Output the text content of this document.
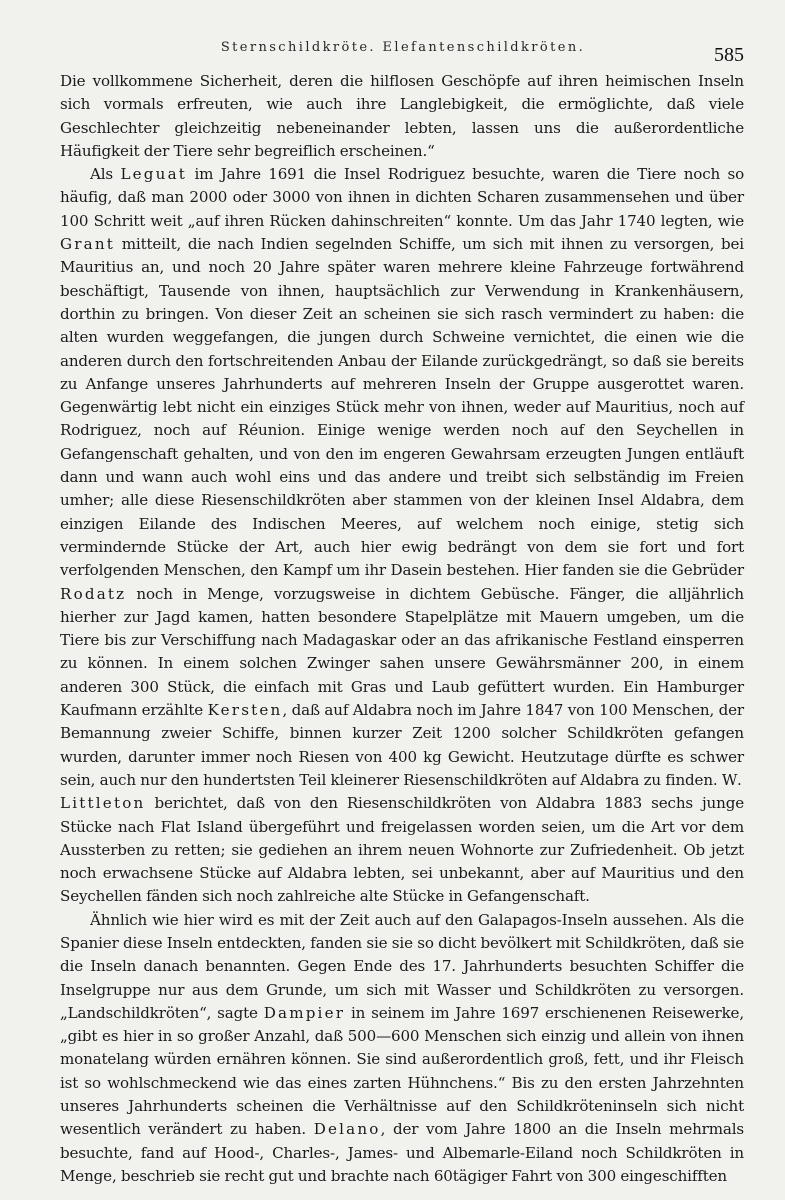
Sternschildkröte. Elefantenschildkröten.	585

Die vollkommene Sicherheit, deren die hilflosen Geschöpfe auf ihren heimischen Inseln sich vormals erfreuten, wie auch ihre Langlebigkeit, die ermöglichte, daß viele Geschlechter gleichzeitig nebeneinander lebten, lassen uns die außerordentliche Häufigkeit der Tiere sehr begreiflich erscheinen.“

Als Leguat im Jahre 1691 die Insel Rodriguez besuchte, waren die Tiere noch so häufig, daß man 2000 oder 3000 von ihnen in dichten Scharen zusammensehen und über 100 Schritt weit „auf ihren Rücken dahinschreiten“ konnte. Um das Jahr 1740 legten, wie Grant mitteilt, die nach Indien segelnden Schiffe, um sich mit ihnen zu versorgen, bei Mauritius an, und noch 20 Jahre später waren mehrere kleine Fahrzeuge fortwährend beschäftigt, Tausende von ihnen, hauptsächlich zur Verwendung in Krankenhäusern, dorthin zu bringen. Von dieser Zeit an scheinen sie sich rasch vermindert zu haben: die alten wurden weggefangen, die jungen durch Schweine vernichtet, die einen wie die anderen durch den fortschreitenden Anbau der Eilande zurückgedrängt, so daß sie bereits zu Anfange unseres Jahrhunderts auf mehreren Inseln der Gruppe ausgerottet waren. Gegenwärtig lebt nicht ein einziges Stück mehr von ihnen, weder auf Mauritius, noch auf Rodriguez, noch auf Réunion. Einige wenige werden noch auf den Seychellen in Gefangenschaft gehalten, und von den im engeren Gewahrsam erzeugten Jungen entläuft dann und wann auch wohl eins und das andere und treibt sich selbständig im Freien umher; alle diese Riesenschildkröten aber stammen von der kleinen Insel Aldabra, dem einzigen Eilande des Indischen Meeres, auf welchem noch einige, stetig sich vermindernde Stücke der Art, auch hier ewig bedrängt von dem sie fort und fort verfolgenden Menschen, den Kampf um ihr Dasein bestehen. Hier fanden sie die Gebrüder Rodatz noch in Menge, vorzugsweise in dichtem Gebüsche. Fänger, die alljährlich hierher zur Jagd kamen, hatten besondere Stapelplätze mit Mauern umgeben, um die Tiere bis zur Verschiffung nach Madagaskar oder an das afrikanische Festland einsperren zu können. In einem solchen Zwinger sahen unsere Gewährsmänner 200, in einem anderen 300 Stück, die einfach mit Gras und Laub gefüttert wurden. Ein Hamburger Kaufmann erzählte Kersten, daß auf Aldabra noch im Jahre 1847 von 100 Menschen, der Bemannung zweier Schiffe, binnen kurzer Zeit 1200 solcher Schildkröten gefangen wurden, darunter immer noch Riesen von 400 kg Gewicht. Heutzutage dürfte es schwer sein, auch nur den hundertsten Teil kleinerer Riesenschildkröten auf Aldabra zu finden. W. Littleton berichtet, daß von den Riesenschildkröten von Aldabra 1883 sechs junge Stücke nach Flat Island übergeführt und freigelassen worden seien, um die Art vor dem Aussterben zu retten; sie gediehen an ihrem neuen Wohnorte zur Zufriedenheit. Ob jetzt noch erwachsene Stücke auf Aldabra lebten, sei unbekannt, aber auf Mauritius und den Seychellen fänden sich noch zahlreiche alte Stücke in Gefangenschaft.

Ähnlich wie hier wird es mit der Zeit auch auf den Galapagos-Inseln aussehen. Als die Spanier diese Inseln entdeckten, fanden sie sie so dicht bevölkert mit Schildkröten, daß sie die Inseln danach benannten. Gegen Ende des 17. Jahrhunderts besuchten Schiffer die Inselgruppe nur aus dem Grunde, um sich mit Wasser und Schildkröten zu versorgen. „Landschildkröten“, sagte Dampier in seinem im Jahre 1697 erschienenen Reisewerke, „gibt es hier in so großer Anzahl, daß 500—600 Menschen sich einzig und allein von ihnen monatelang würden ernähren können. Sie sind außerordentlich groß, fett, und ihr Fleisch ist so wohlschmeckend wie das eines zarten Hühnchens.“ Bis zu den ersten Jahrzehnten unseres Jahrhunderts scheinen die Verhältnisse auf den Schildkröteninseln sich nicht wesentlich verändert zu haben. Delano, der vom Jahre 1800 an die Inseln mehrmals besuchte, fand auf Hood-, Charles-, James- und Albemarle-Eiland noch Schildkröten in Menge, beschrieb sie recht gut und brachte nach 60tägiger Fahrt von 300 eingeschifften
